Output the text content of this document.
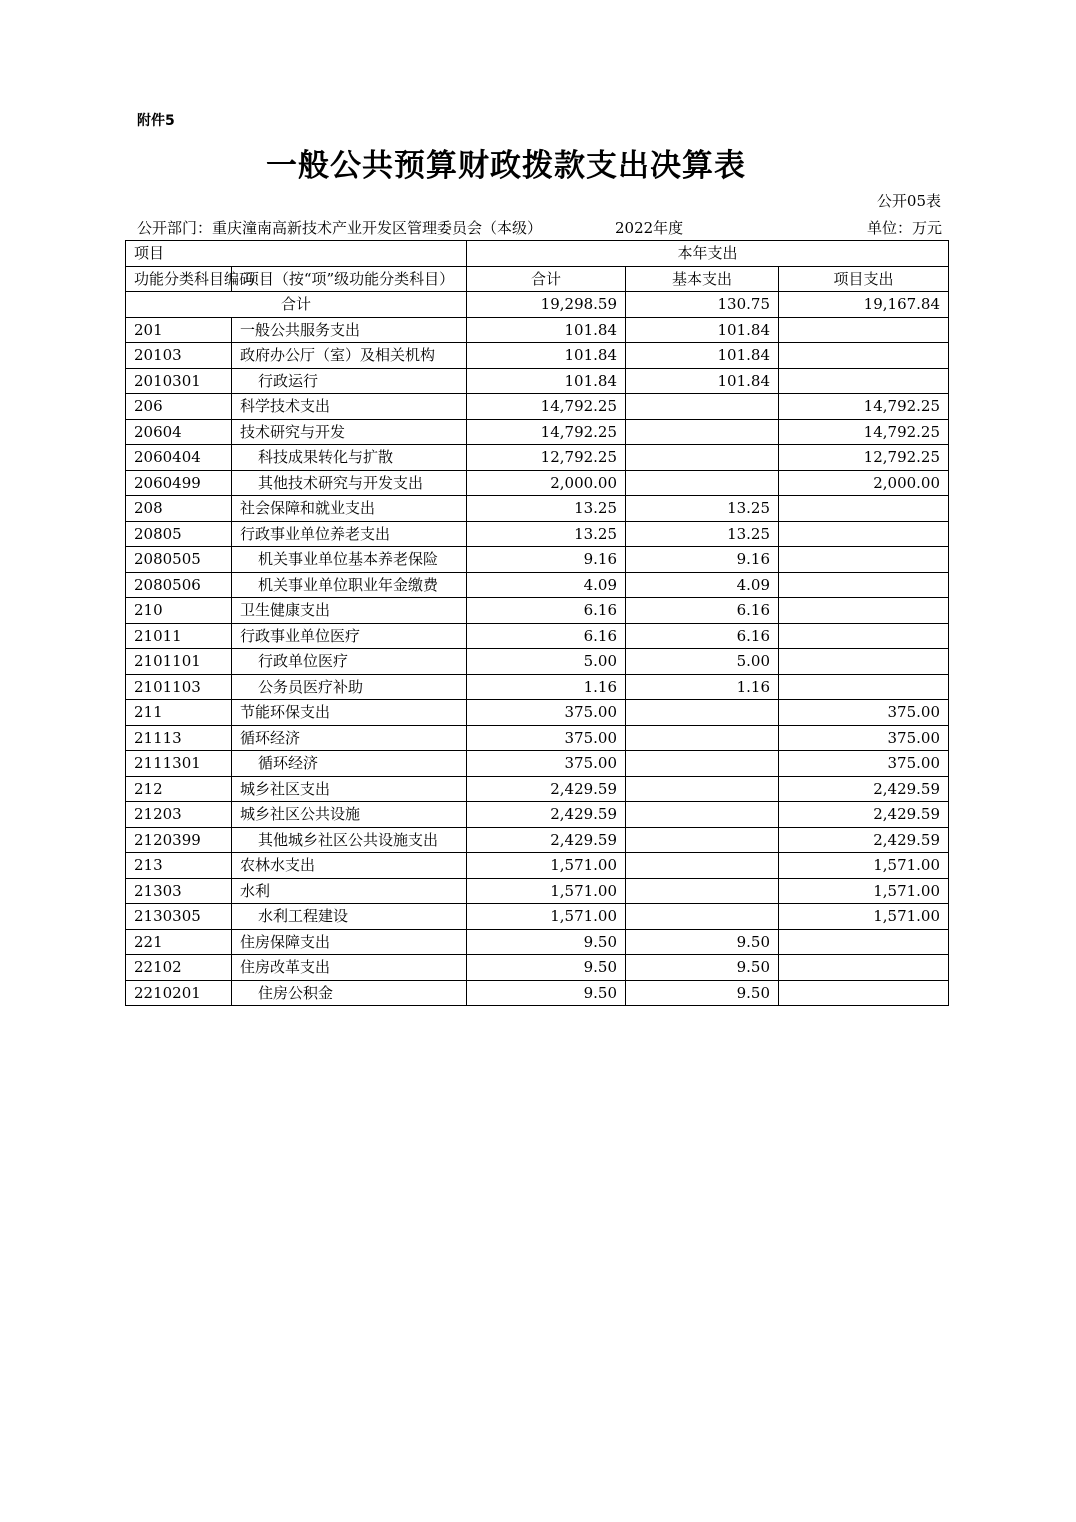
附件5
一般公共预算财政拨款支出决算表
公开05表
公开部门：重庆潼南高新技术产业开发区管理委员会（本级）	2022年度	单位：万元
项目		本年支出		
功能分类科目编码	项目（按“项”级功能分类科目）	合计	基本支出	项目支出
合计		19,298.59	130.75	19,167.84
201	一般公共服务支出	101.84	101.84	
20103	政府办公厅（室）及相关机构	101.84	101.84	
2010301	行政运行	101.84	101.84	
206	科学技术支出	14,792.25		14,792.25
20604	技术研究与开发	14,792.25		14,792.25
2060404	科技成果转化与扩散	12,792.25		12,792.25
2060499	其他技术研究与开发支出	2,000.00		2,000.00
208	社会保障和就业支出	13.25	13.25	
20805	行政事业单位养老支出	13.25	13.25	
2080505	机关事业单位基本养老保险	9.16	9.16	
2080506	机关事业单位职业年金缴费	4.09	4.09	
210	卫生健康支出	6.16	6.16	
21011	行政事业单位医疗	6.16	6.16	
2101101	行政单位医疗	5.00	5.00	
2101103	公务员医疗补助	1.16	1.16	
211	节能环保支出	375.00		375.00
21113	循环经济	375.00		375.00
2111301	循环经济	375.00		375.00
212	城乡社区支出	2,429.59		2,429.59
21203	城乡社区公共设施	2,429.59		2,429.59
2120399	其他城乡社区公共设施支出	2,429.59		2,429.59
213	农林水支出	1,571.00		1,571.00
21303	水利	1,571.00		1,571.00
2130305	水利工程建设	1,571.00		1,571.00
221	住房保障支出	9.50	9.50	
22102	住房改革支出	9.50	9.50	
2210201	住房公积金	9.50	9.50	
